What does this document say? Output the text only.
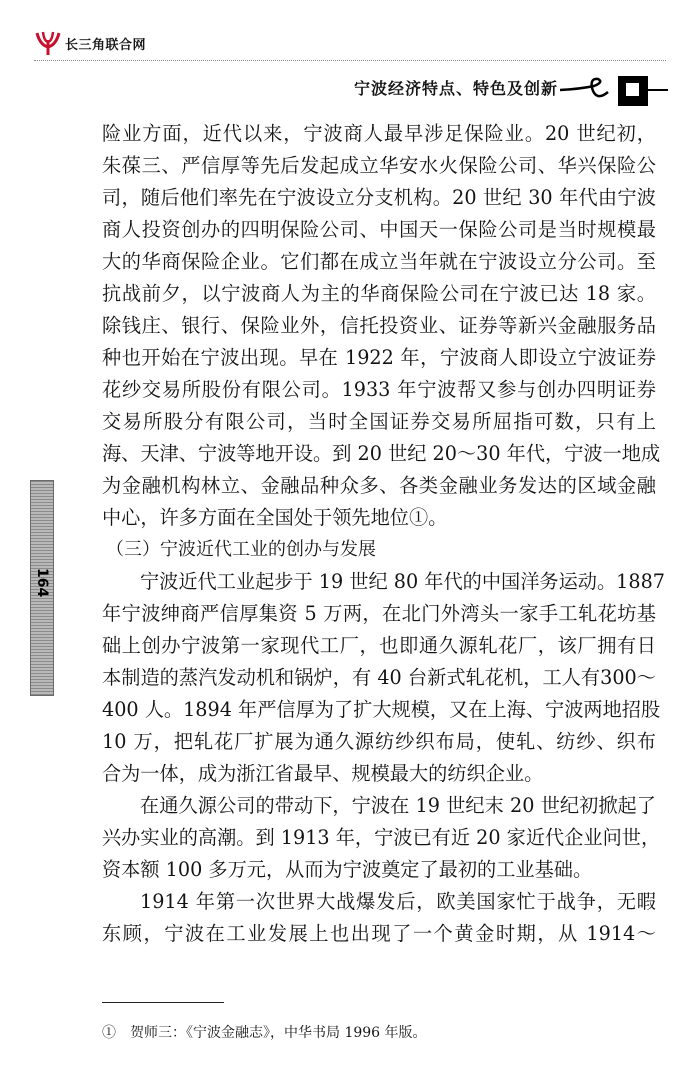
长三角联合网
宁波经济特点、特色及创新
164
险业方面，近代以来，宁波商人最早涉足保险业。20 世纪初，
朱葆三、严信厚等先后发起成立华安水火保险公司、华兴保险公
司，随后他们率先在宁波设立分支机构。20 世纪 30 年代由宁波
商人投资创办的四明保险公司、中国天一保险公司是当时规模最
大的华商保险企业。它们都在成立当年就在宁波设立分公司。至
抗战前夕，以宁波商人为主的华商保险公司在宁波已达 18 家。
除钱庄、银行、保险业外，信托投资业、证券等新兴金融服务品
种也开始在宁波出现。早在 1922 年，宁波商人即设立宁波证券
花纱交易所股份有限公司。1933 年宁波帮又参与创办四明证券
交易所股分有限公司，当时全国证券交易所屈指可数，只有上
海、天津、宁波等地开设。到 20 世纪 20～30 年代，宁波一地成
为金融机构林立、金融品种众多、各类金融业务发达的区域金融
中心，许多方面在全国处于领先地位①。
（三）宁波近代工业的创办与发展
宁波近代工业起步于 19 世纪 80 年代的中国洋务运动。1887
年宁波绅商严信厚集资 5 万两，在北门外湾头一家手工轧花坊基
础上创办宁波第一家现代工厂，也即通久源轧花厂，该厂拥有日
本制造的蒸汽发动机和锅炉，有 40 台新式轧花机，工人有300～
400 人。1894 年严信厚为了扩大规模，又在上海、宁波两地招股
10 万，把轧花厂扩展为通久源纺纱织布局，使轧、纺纱、织布
合为一体，成为浙江省最早、规模最大的纺织企业。
在通久源公司的带动下，宁波在 19 世纪末 20 世纪初掀起了
兴办实业的高潮。到 1913 年，宁波已有近 20 家近代企业问世，
资本额 100 多万元，从而为宁波奠定了最初的工业基础。
1914 年第一次世界大战爆发后，欧美国家忙于战争，无暇
东顾，宁波在工业发展上也出现了一个黄金时期，从 1914～
①　贺师三：《宁波金融志》，中华书局 1996 年版。
